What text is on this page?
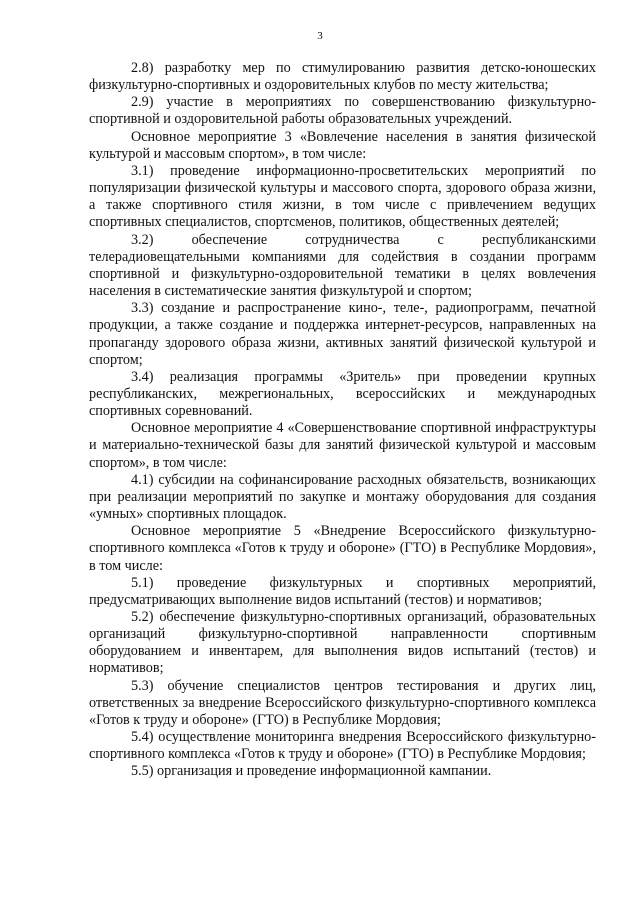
3

2.8) разработку мер по стимулированию развития детско-юношеских физкультурно-спортивных и оздоровительных клубов по месту жительства;

2.9) участие в мероприятиях по совершенствованию физкультурно-спортивной и оздоровительной работы образовательных учреждений.

Основное мероприятие 3 «Вовлечение населения в занятия физической культурой и массовым спортом», в том числе:

3.1) проведение информационно-просветительских мероприятий по популяризации физической культуры и массового спорта, здорового образа жизни, а также спортивного стиля жизни, в том числе с привлечением ведущих спортивных специалистов, спортсменов, политиков, общественных деятелей;

3.2) обеспечение сотрудничества с республиканскими телерадиовещательными компаниями для содействия в создании программ спортивной и физкультурно-оздоровительной тематики в целях вовлечения населения в систематические занятия физкультурой и спортом;

3.3) создание и распространение кино-, теле-, радиопрограмм, печатной продукции, а также создание и поддержка интернет-ресурсов, направленных на пропаганду здорового образа жизни, активных занятий физической культурой и спортом;

3.4) реализация программы «Зритель» при проведении крупных республиканских, межрегиональных, всероссийских и международных спортивных соревнований.

Основное мероприятие 4 «Совершенствование спортивной инфраструктуры и материально-технической базы для занятий физической культурой и массовым спортом», в том числе:

4.1) субсидии на софинансирование расходных обязательств, возникающих при реализации мероприятий по закупке и монтажу оборудования для создания «умных» спортивных площадок.

Основное мероприятие 5 «Внедрение Всероссийского физкультурно-спортивного комплекса «Готов к труду и обороне» (ГТО) в Республике Мордовия», в том числе:

5.1) проведение физкультурных и спортивных мероприятий, предусматривающих выполнение видов испытаний (тестов) и нормативов;

5.2) обеспечение физкультурно-спортивных организаций, образовательных организаций физкультурно-спортивной направленности спортивным оборудованием и инвентарем, для выполнения видов испытаний (тестов) и нормативов;

5.3) обучение специалистов центров тестирования и других лиц, ответственных за внедрение Всероссийского физкультурно-спортивного комплекса «Готов к труду и обороне» (ГТО) в Республике Мордовия;

5.4) осуществление мониторинга внедрения Всероссийского физкультурно-спортивного комплекса «Готов к труду и обороне» (ГТО) в Республике Мордовия;

5.5) организация и проведение информационной кампании.
